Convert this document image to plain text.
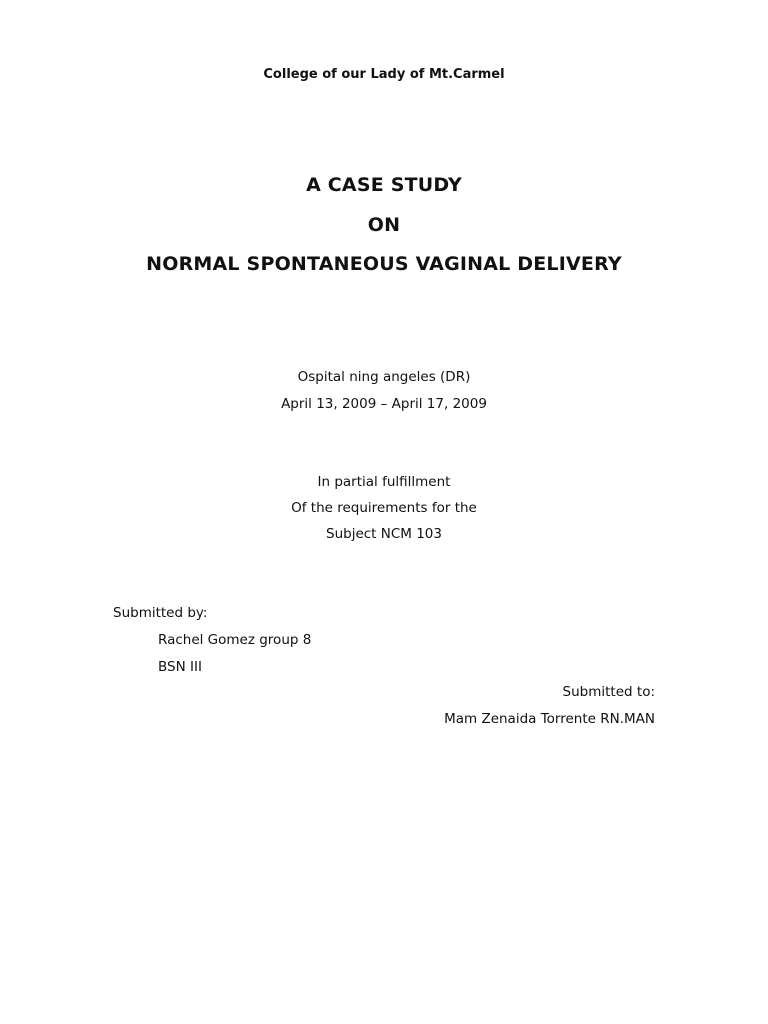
College of our Lady of Mt.Carmel
A CASE STUDY
ON
NORMAL SPONTANEOUS VAGINAL DELIVERY
Ospital ning angeles (DR)
April 13, 2009 – April 17, 2009
In partial fulfillment
Of the requirements for the
Subject NCM 103
Submitted by:
Rachel Gomez group 8
BSN III
Submitted to:
Mam Zenaida Torrente RN.MAN
